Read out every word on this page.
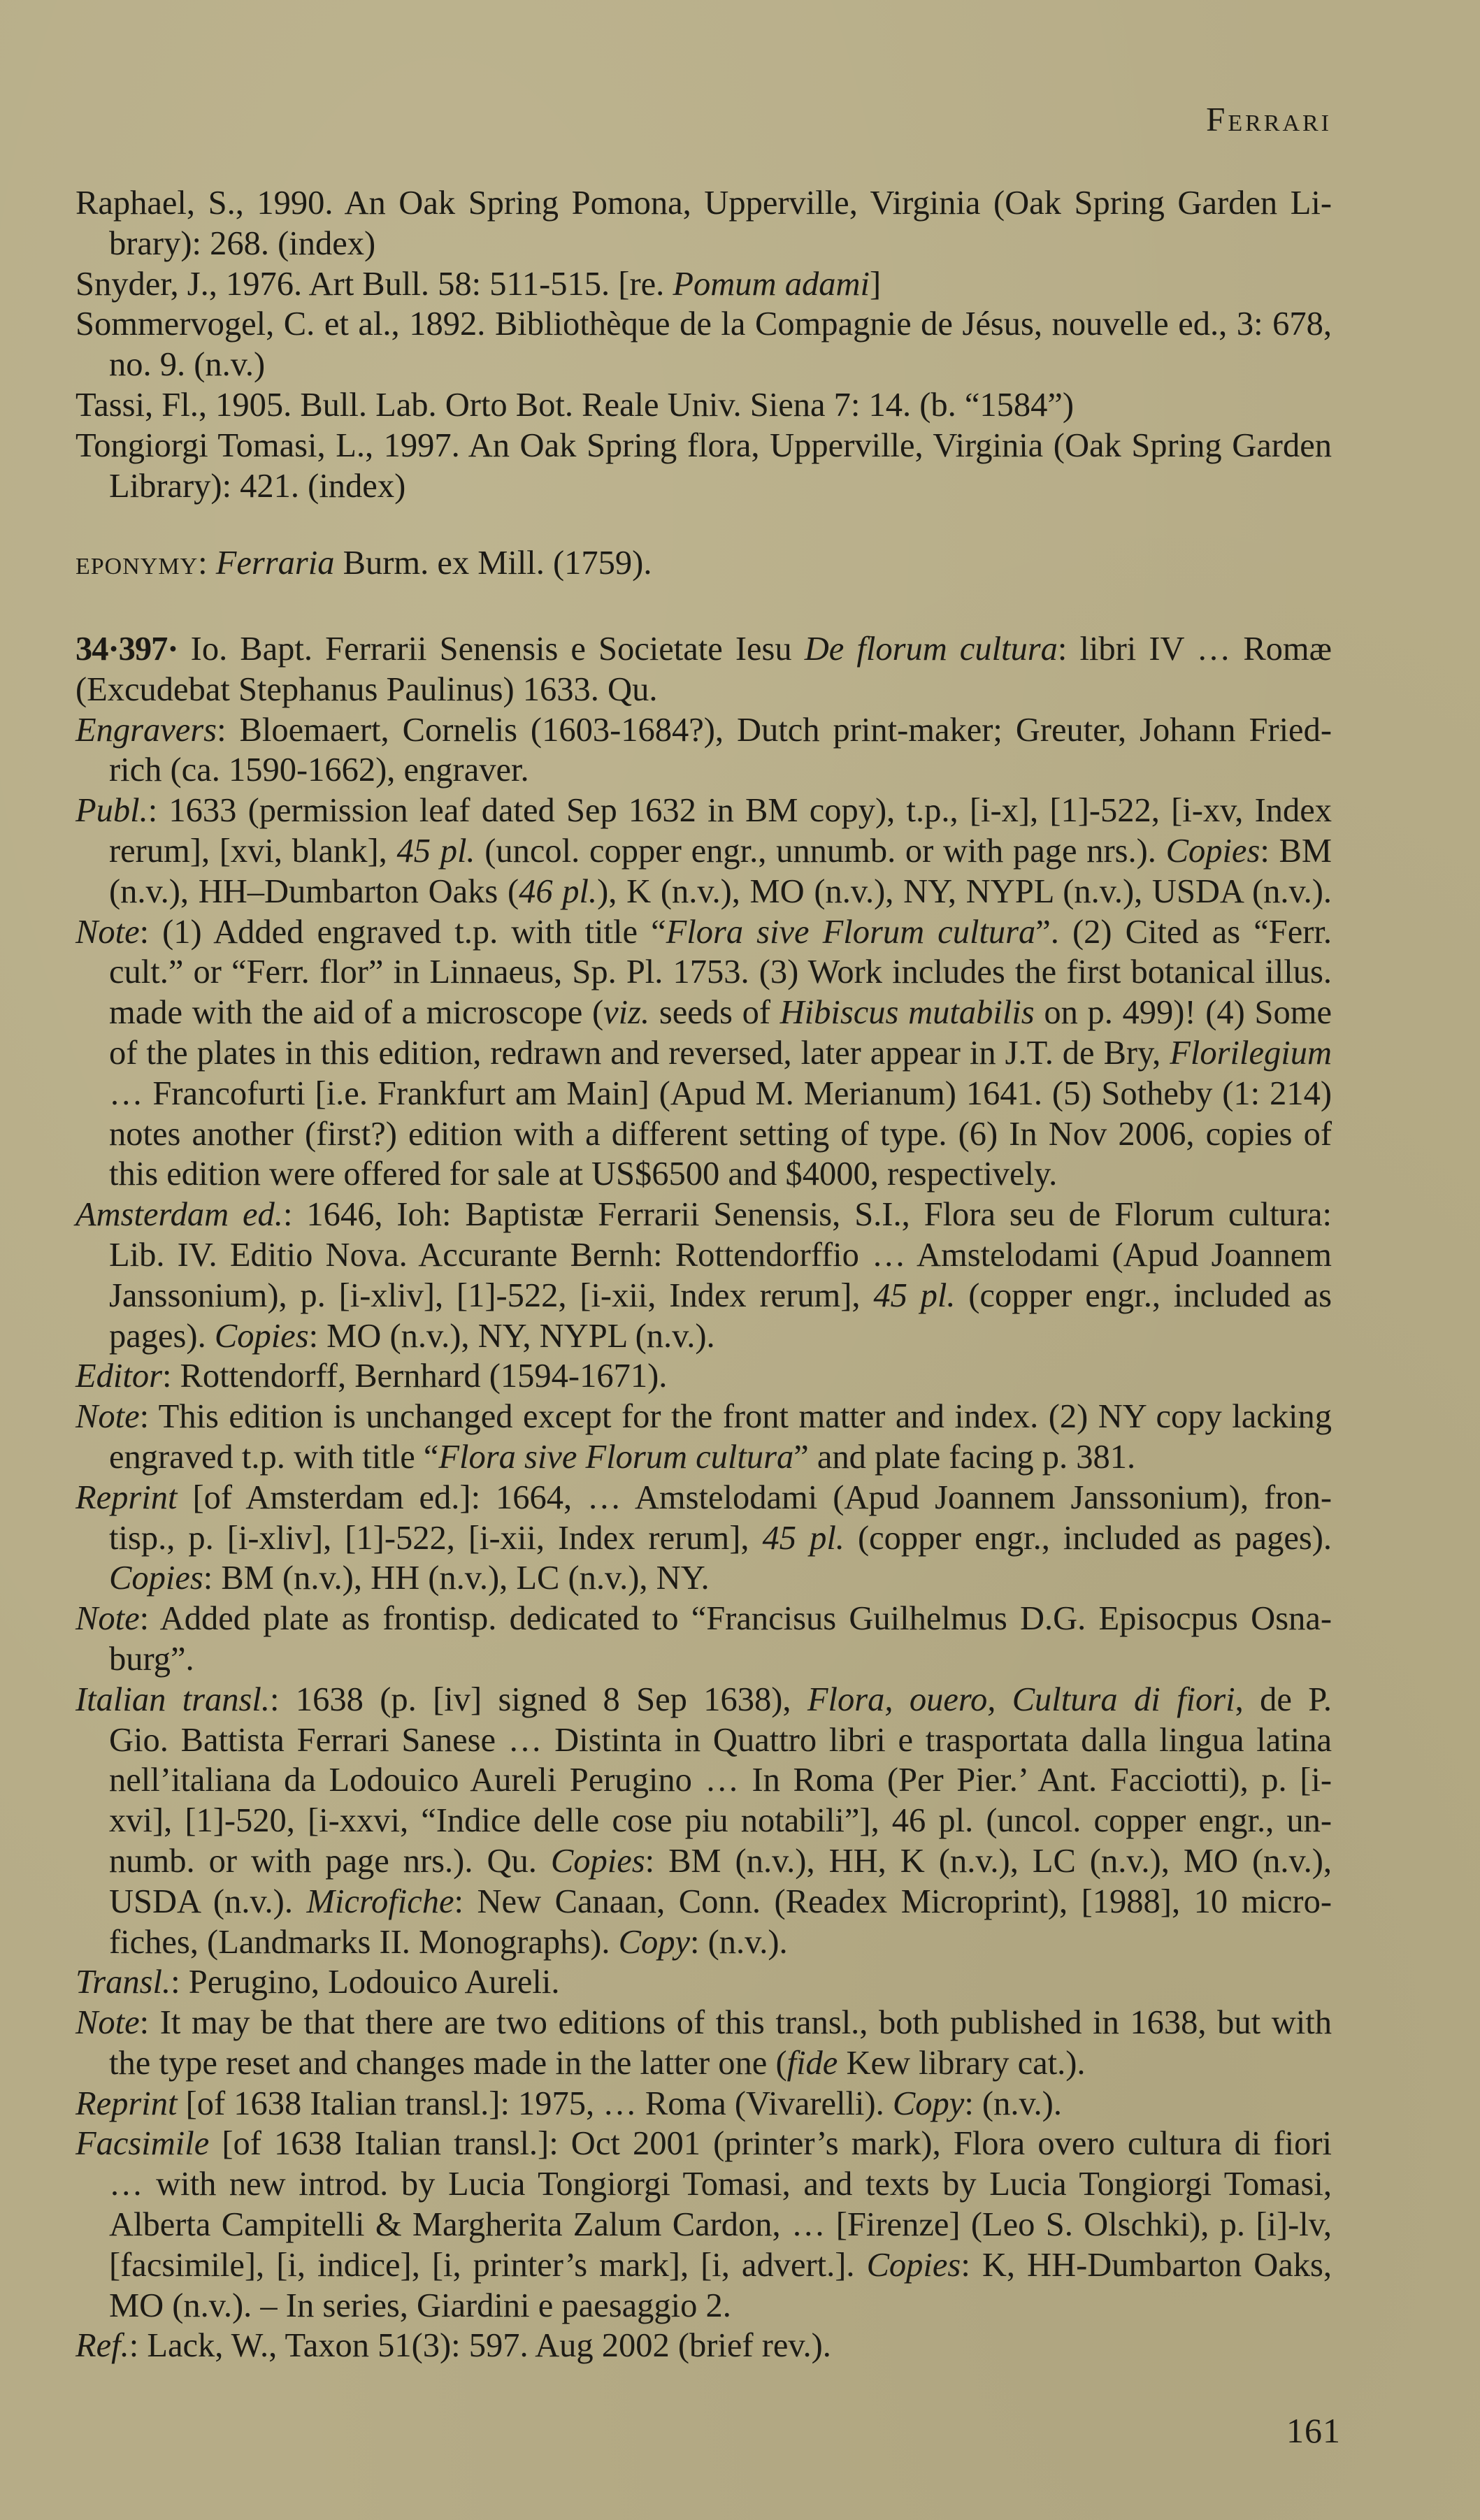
Ferrari
Raphael, S., 1990. An Oak Spring Pomona, Upperville, Virginia (Oak Spring Garden Li-
brary): 268. (index)
Snyder, J., 1976. Art Bull. 58: 511-515. [re. Pomum adami]
Sommervogel, C. et al., 1892. Bibliothèque de la Compagnie de Jésus, nouvelle ed., 3: 678,
no. 9. (n.v.)
Tassi, Fl., 1905. Bull. Lab. Orto Bot. Reale Univ. Siena 7: 14. (b. “1584”)
Tongiorgi Tomasi, L., 1997. An Oak Spring flora, Upperville, Virginia (Oak Spring Garden
Library): 421. (index)
eponymy: Ferraria Burm. ex Mill. (1759).
34·397· Io. Bapt. Ferrarii Senensis e Societate Iesu De florum cultura: libri IV … Romæ
(Excudebat Stephanus Paulinus) 1633. Qu.
Engravers: Bloemaert, Cornelis (1603-1684?), Dutch print-maker; Greuter, Johann Fried-
rich (ca. 1590-1662), engraver.
Publ.: 1633 (permission leaf dated Sep 1632 in BM copy), t.p., [i-x], [1]-522, [i-xv, Index
rerum], [xvi, blank], 45 pl. (uncol. copper engr., unnumb. or with page nrs.). Copies: BM
(n.v.), HH–Dumbarton Oaks (46 pl.), K (n.v.), MO (n.v.), NY, NYPL (n.v.), USDA (n.v.).
Note: (1) Added engraved t.p. with title “Flora sive Florum cultura”. (2) Cited as “Ferr.
cult.” or “Ferr. flor” in Linnaeus, Sp. Pl. 1753. (3) Work includes the first botanical illus.
made with the aid of a microscope (viz. seeds of Hibiscus mutabilis on p. 499)! (4) Some
of the plates in this edition, redrawn and reversed, later appear in J.T. de Bry, Florilegium
… Francofurti [i.e. Frankfurt am Main] (Apud M. Merianum) 1641. (5) Sotheby (1: 214)
notes another (first?) edition with a different setting of type. (6) In Nov 2006, copies of
this edition were offered for sale at US$6500 and $4000, respectively.
Amsterdam ed.: 1646, Ioh: Baptistæ Ferrarii Senensis, S.I., Flora seu de Florum cultura:
Lib. IV. Editio Nova. Accurante Bernh: Rottendorffio … Amstelodami (Apud Joannem
Janssonium), p. [i-xliv], [1]-522, [i-xii, Index rerum], 45 pl. (copper engr., included as
pages). Copies: MO (n.v.), NY, NYPL (n.v.).
Editor: Rottendorff, Bernhard (1594-1671).
Note: This edition is unchanged except for the front matter and index. (2) NY copy lacking
engraved t.p. with title “Flora sive Florum cultura” and plate facing p. 381.
Reprint [of Amsterdam ed.]: 1664, … Amstelodami (Apud Joannem Janssonium), fron-
tisp., p. [i-xliv], [1]-522, [i-xii, Index rerum], 45 pl. (copper engr., included as pages).
Copies: BM (n.v.), HH (n.v.), LC (n.v.), NY.
Note: Added plate as frontisp. dedicated to “Francisus Guilhelmus D.G. Episocpus Osna-
burg”.
Italian transl.: 1638 (p. [iv] signed 8 Sep 1638), Flora, ouero, Cultura di fiori, de P.
Gio. Battista Ferrari Sanese … Distinta in Quattro libri e trasportata dalla lingua latina
nell’italiana da Lodouico Aureli Perugino … In Roma (Per Pier.’ Ant. Facciotti), p. [i-
xvi], [1]-520, [i-xxvi, “Indice delle cose piu notabili”], 46 pl. (uncol. copper engr., un-
numb. or with page nrs.). Qu. Copies: BM (n.v.), HH, K (n.v.), LC (n.v.), MO (n.v.),
USDA (n.v.). Microfiche: New Canaan, Conn. (Readex Microprint), [1988], 10 micro-
fiches, (Landmarks II. Monographs). Copy: (n.v.).
Transl.: Perugino, Lodouico Aureli.
Note: It may be that there are two editions of this transl., both published in 1638, but with
the type reset and changes made in the latter one (fide Kew library cat.).
Reprint [of 1638 Italian transl.]: 1975, … Roma (Vivarelli). Copy: (n.v.).
Facsimile [of 1638 Italian transl.]: Oct 2001 (printer’s mark), Flora overo cultura di fiori
… with new introd. by Lucia Tongiorgi Tomasi, and texts by Lucia Tongiorgi Tomasi,
Alberta Campitelli & Margherita Zalum Cardon, … [Firenze] (Leo S. Olschki), p. [i]-lv,
[facsimile], [i, indice], [i, printer’s mark], [i, advert.]. Copies: K, HH-Dumbarton Oaks,
MO (n.v.). – In series, Giardini e paesaggio 2.
Ref.: Lack, W., Taxon 51(3): 597. Aug 2002 (brief rev.).
161
